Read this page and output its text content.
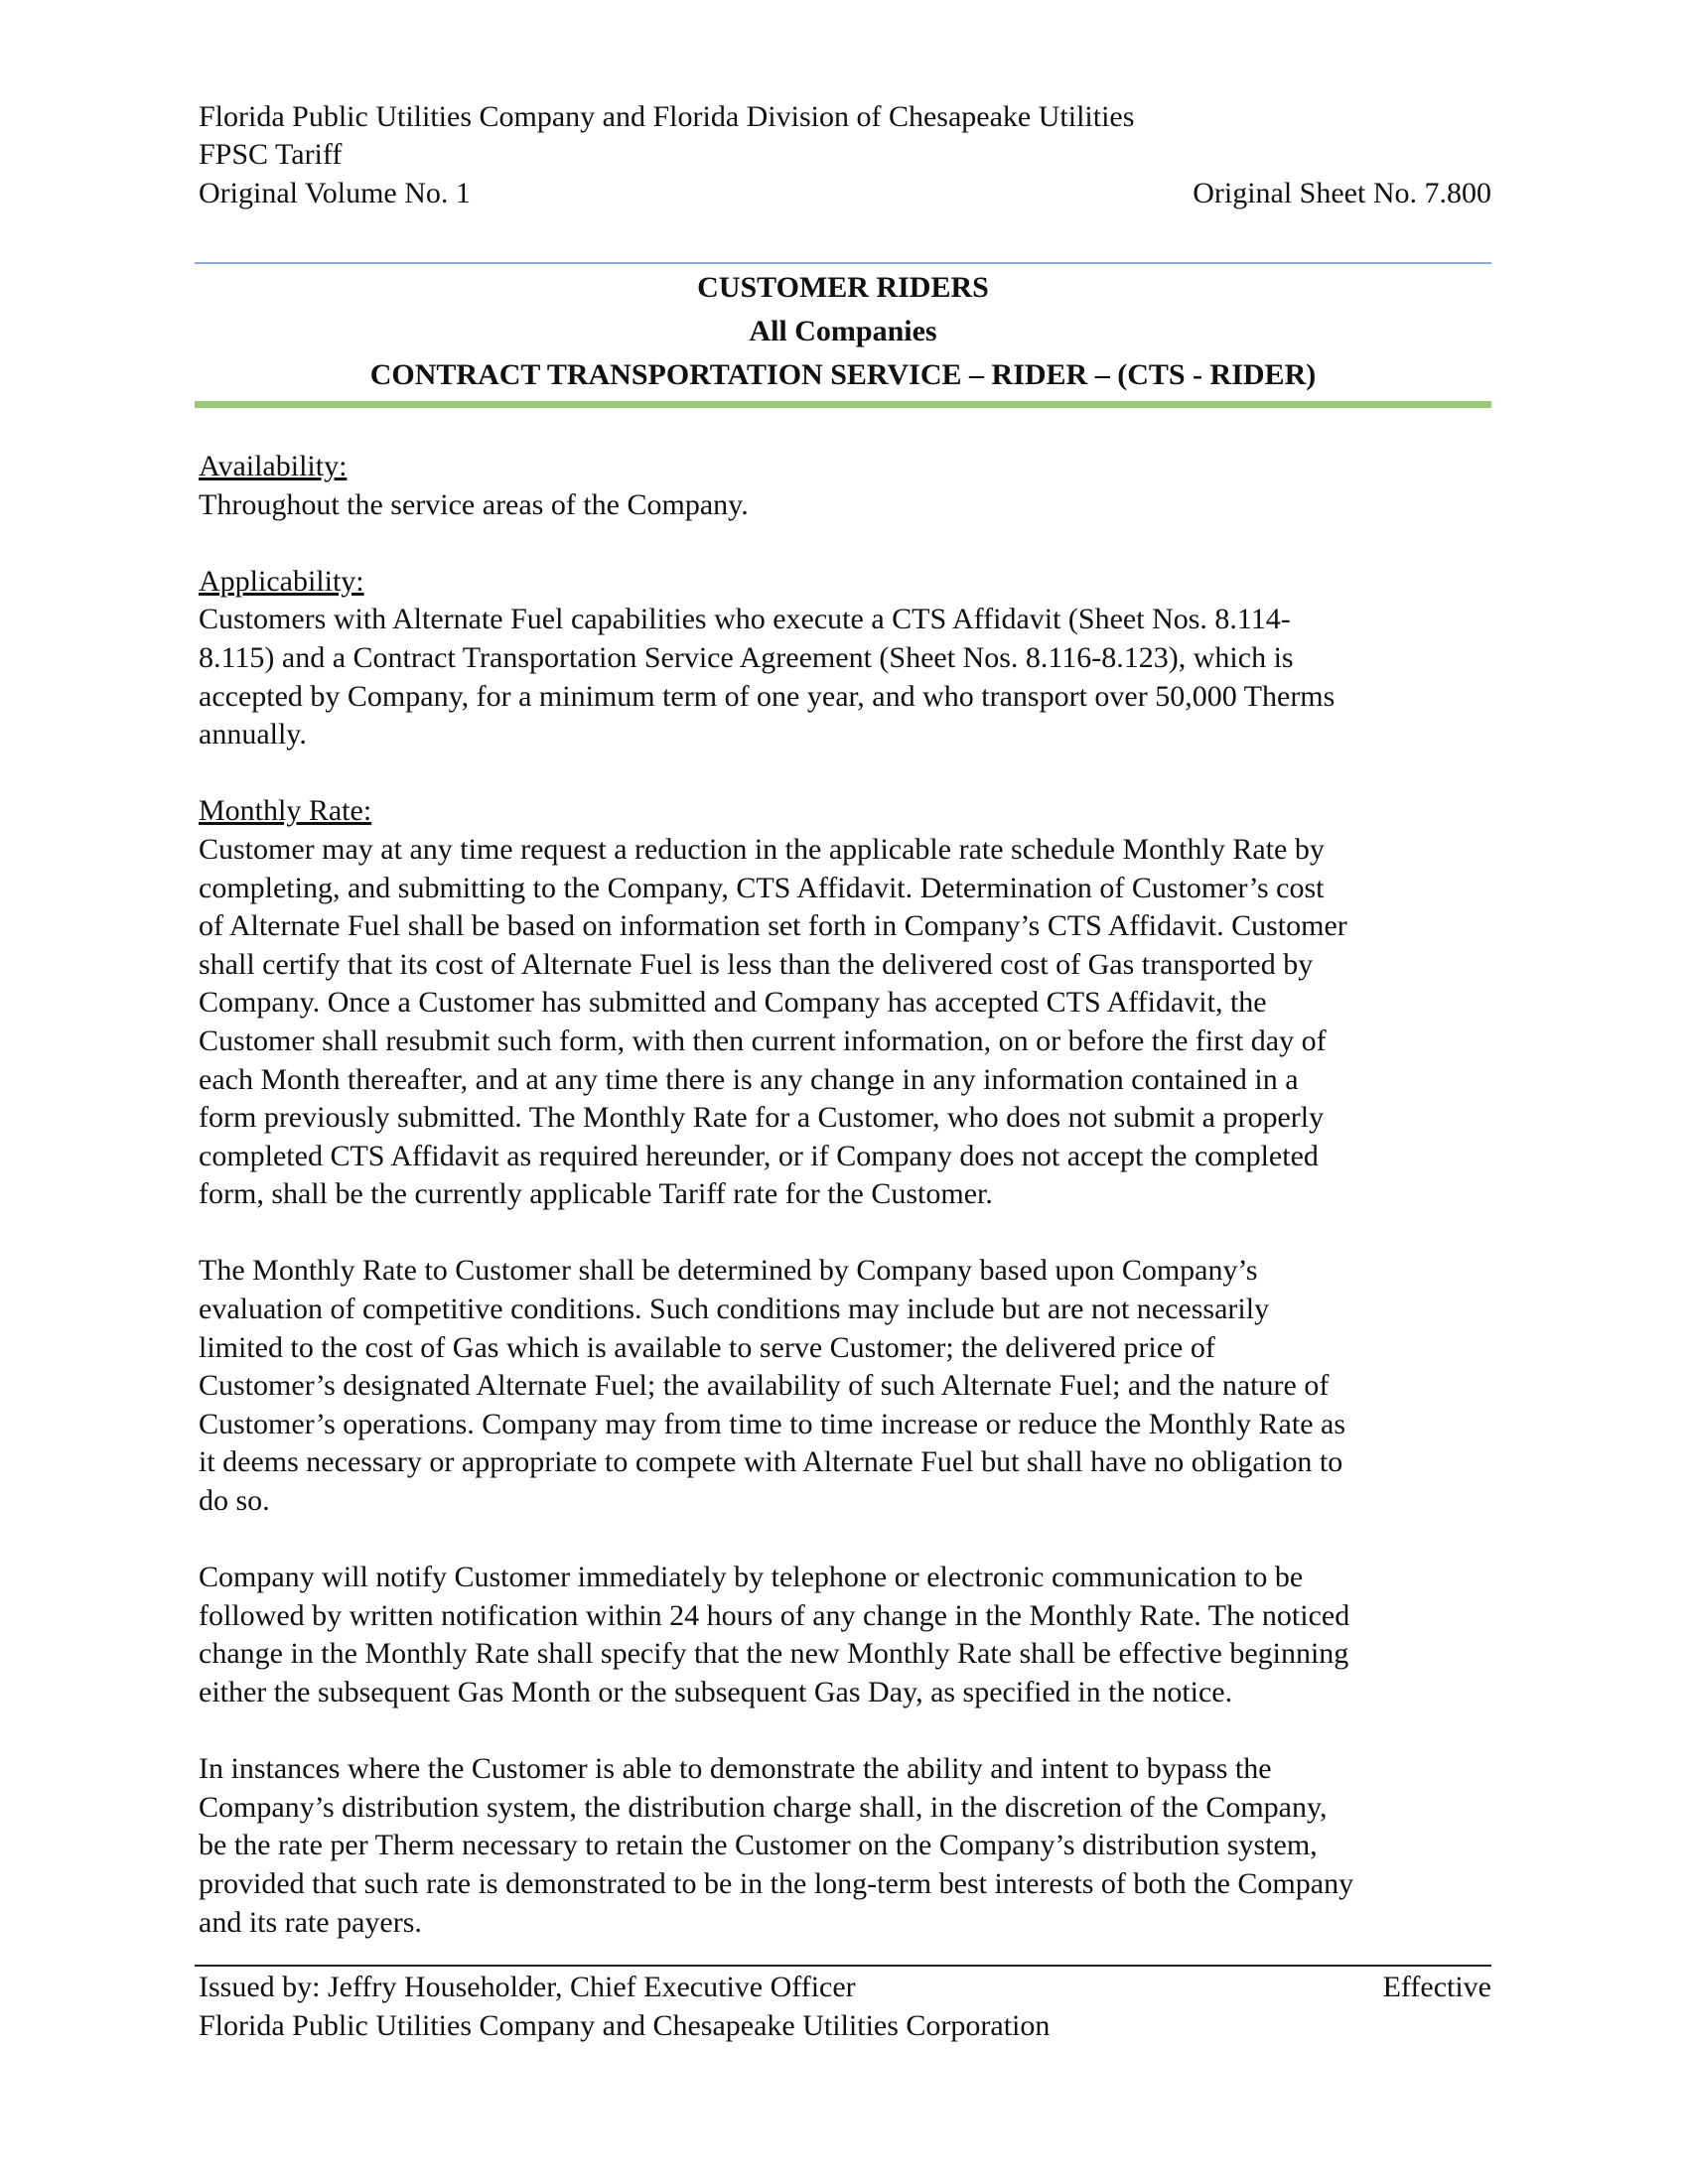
Florida Public Utilities Company and Florida Division of Chesapeake Utilities
FPSC Tariff
Original Volume No. 1	Original Sheet No. 7.800
CUSTOMER RIDERS
All Companies
CONTRACT TRANSPORTATION SERVICE – RIDER – (CTS - RIDER)
Availability:
Throughout the service areas of the Company.
Applicability:
Customers with Alternate Fuel capabilities who execute a CTS Affidavit (Sheet Nos. 8.114-
8.115) and a Contract Transportation Service Agreement (Sheet Nos. 8.116-8.123), which is
accepted by Company, for a minimum term of one year, and who transport over 50,000 Therms
annually.
Monthly Rate:
Customer may at any time request a reduction in the applicable rate schedule Monthly Rate by
completing, and submitting to the Company, CTS Affidavit. Determination of Customer’s cost
of Alternate Fuel shall be based on information set forth in Company’s CTS Affidavit. Customer
shall certify that its cost of Alternate Fuel is less than the delivered cost of Gas transported by
Company. Once a Customer has submitted and Company has accepted CTS Affidavit, the
Customer shall resubmit such form, with then current information, on or before the first day of
each Month thereafter, and at any time there is any change in any information contained in a
form previously submitted. The Monthly Rate for a Customer, who does not submit a properly
completed CTS Affidavit as required hereunder, or if Company does not accept the completed
form, shall be the currently applicable Tariff rate for the Customer.
The Monthly Rate to Customer shall be determined by Company based upon Company’s
evaluation of competitive conditions. Such conditions may include but are not necessarily
limited to the cost of Gas which is available to serve Customer; the delivered price of
Customer’s designated Alternate Fuel; the availability of such Alternate Fuel; and the nature of
Customer’s operations. Company may from time to time increase or reduce the Monthly Rate as
it deems necessary or appropriate to compete with Alternate Fuel but shall have no obligation to
do so.
Company will notify Customer immediately by telephone or electronic communication to be
followed by written notification within 24 hours of any change in the Monthly Rate. The noticed
change in the Monthly Rate shall specify that the new Monthly Rate shall be effective beginning
either the subsequent Gas Month or the subsequent Gas Day, as specified in the notice.
In instances where the Customer is able to demonstrate the ability and intent to bypass the
Company’s distribution system, the distribution charge shall, in the discretion of the Company,
be the rate per Therm necessary to retain the Customer on the Company’s distribution system,
provided that such rate is demonstrated to be in the long-term best interests of both the Company
and its rate payers.
Issued by: Jeffry Householder, Chief Executive Officer
Florida Public Utilities Company and Chesapeake Utilities Corporation
Effective
